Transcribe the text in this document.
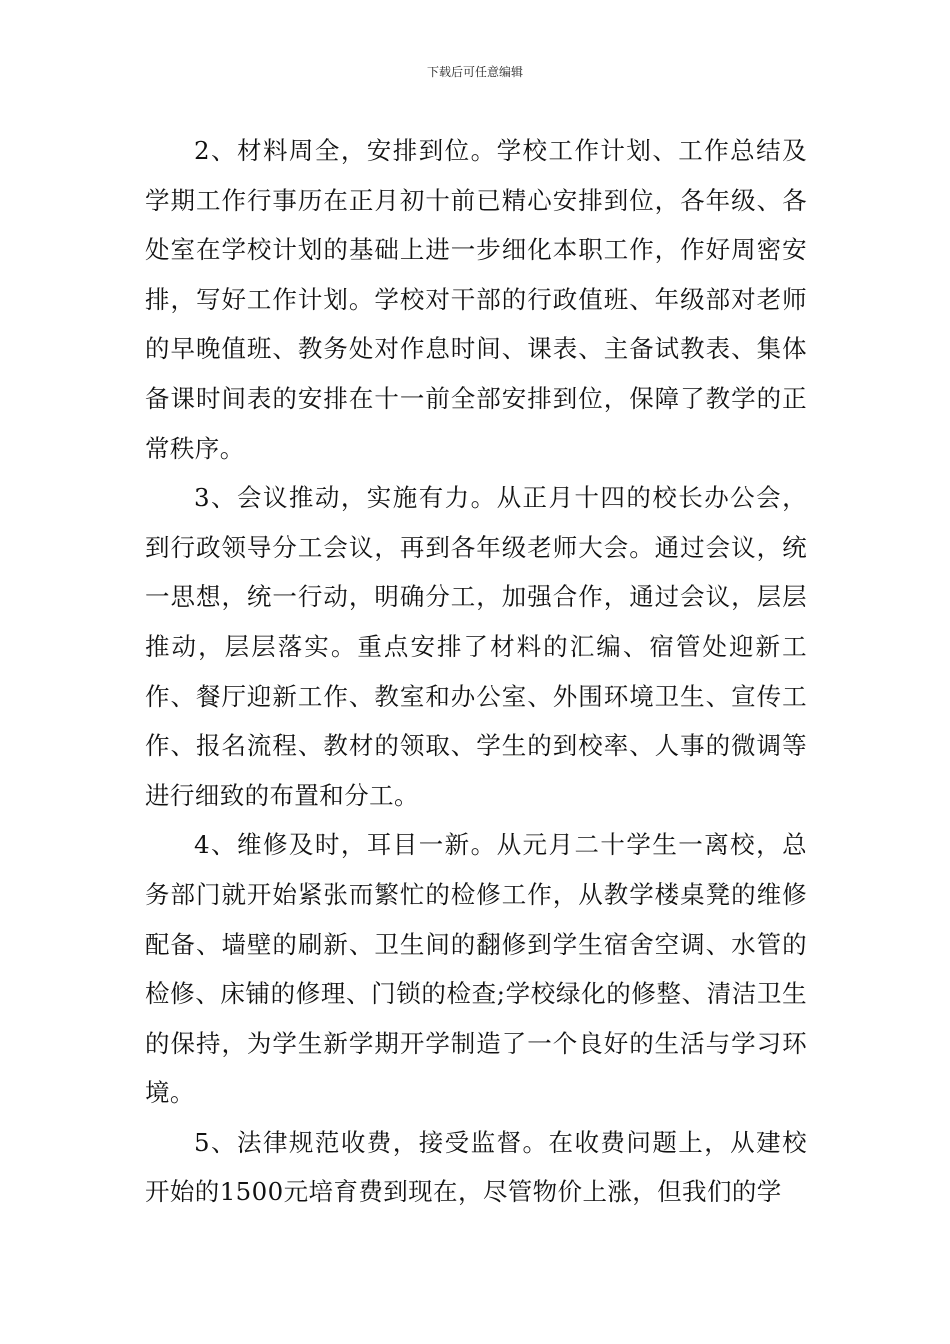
下载后可任意编辑

2、材料周全，安排到位。学校工作计划、工作总结及学期工作行事历在正月初十前已精心安排到位，各年级、各处室在学校计划的基础上进一步细化本职工作，作好周密安排，写好工作计划。学校对干部的行政值班、年级部对老师的早晚值班、教务处对作息时间、课表、主备试教表、集体备课时间表的安排在十一前全部安排到位，保障了教学的正常秩序。

3、会议推动，实施有力。从正月十四的校长办公会，到行政领导分工会议，再到各年级老师大会。通过会议，统一思想，统一行动，明确分工，加强合作，通过会议，层层推动，层层落实。重点安排了材料的汇编、宿管处迎新工作、餐厅迎新工作、教室和办公室、外围环境卫生、宣传工作、报名流程、教材的领取、学生的到校率、人事的微调等进行细致的布置和分工。

4、维修及时，耳目一新。从元月二十学生一离校，总务部门就开始紧张而繁忙的检修工作，从教学楼桌凳的维修配备、墙壁的刷新、卫生间的翻修到学生宿舍空调、水管的检修、床铺的修理、门锁的检查;学校绿化的修整、清洁卫生的保持，为学生新学期开学制造了一个良好的生活与学习环境。

5、法律规范收费，接受监督。在收费问题上，从建校开始的1500元培育费到现在，尽管物价上涨，但我们的学
